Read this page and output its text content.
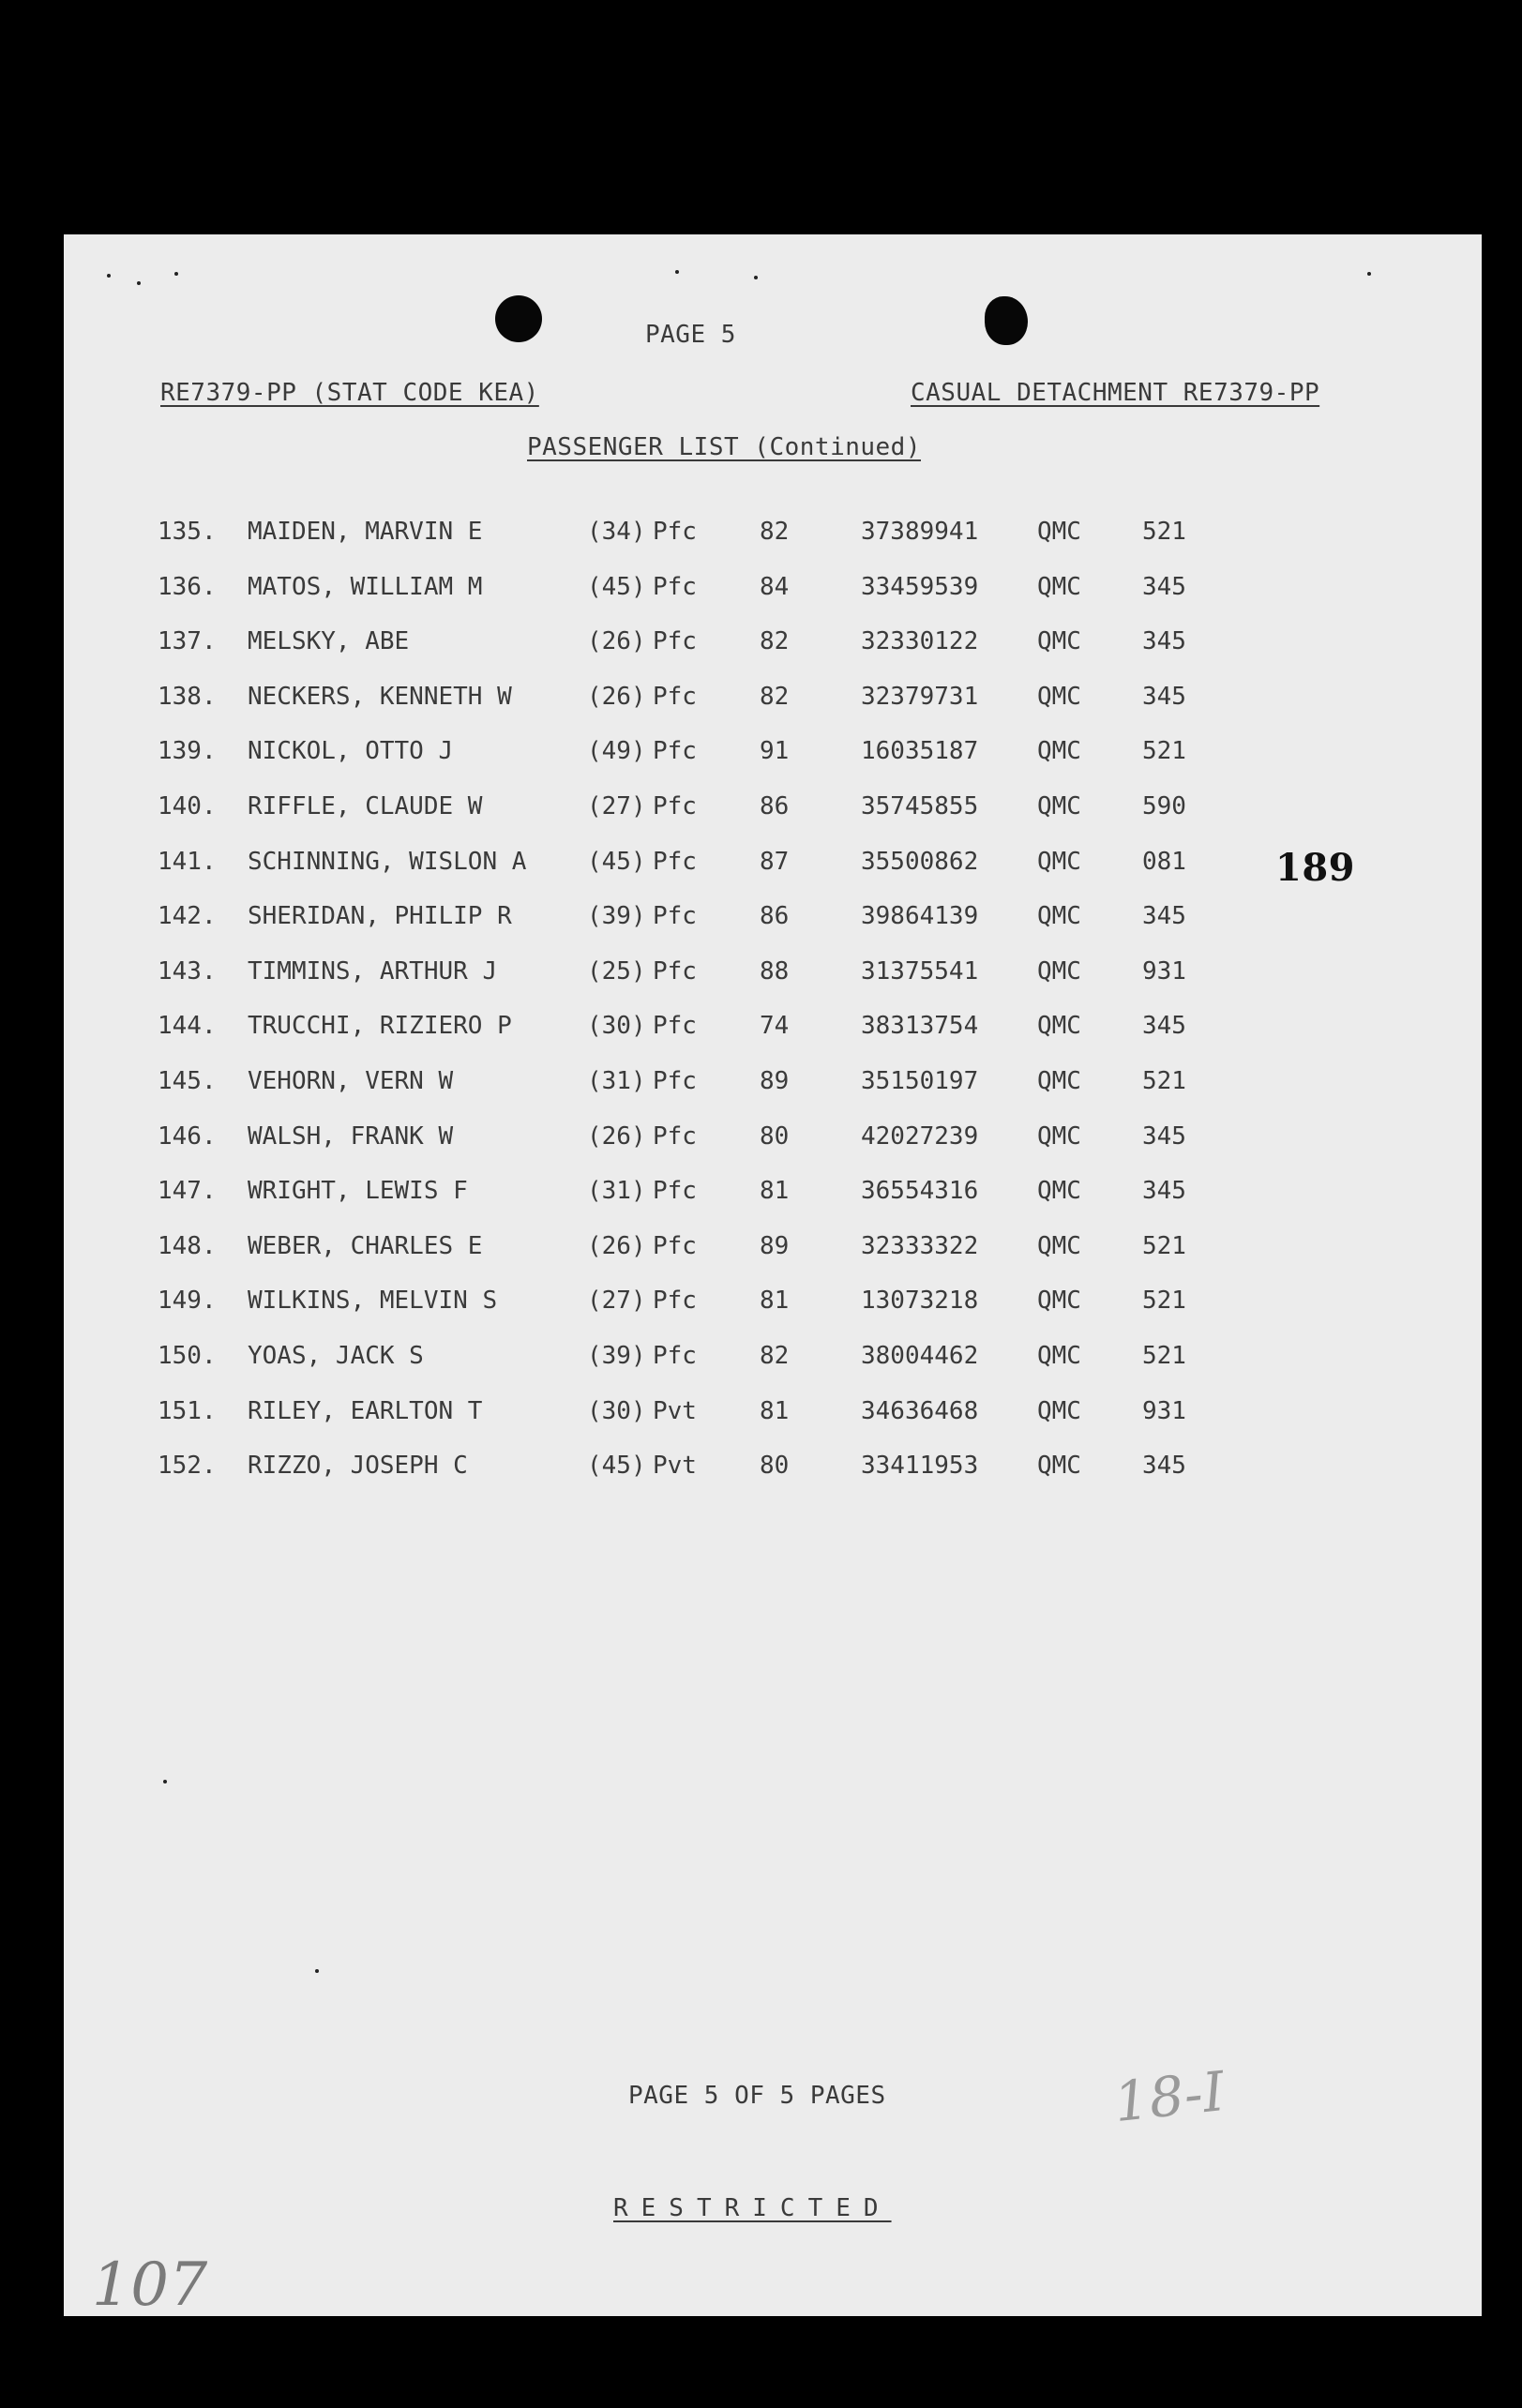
PAGE 5
RE7379-PP (STAT CODE KEA)	CASUAL DETACHMENT RE7379-PP
PASSENGER LIST (Continued)
135. MAIDEN, MARVIN E	(34) Pfc	82	37389941 QMC	521
136. MATOS, WILLIAM M	(45) Pfc	84	33459539 QMC	345
137. MELSKY, ABE	(26) Pfc	82	32330122 QMC	345
138. NECKERS, KENNETH W	(26) Pfc	82	32379731 QMC	345
139. NICKOL, OTTO J	(49) Pfc	91	16035187 QMC	521
140. RIFFLE, CLAUDE W	(27) Pfc	86	35745855 QMC	590
141. SCHINNING, WISLON A (45) Pfc	87	35500862 QMC	081
142. SHERIDAN, PHILIP R	(39) Pfc	86	39864139 QMC	345
143. TIMMINS, ARTHUR J	(25) Pfc	88	31375541 QMC	931
144. TRUCCHI, RIZIERO P	(30) Pfc	74	38313754 QMC	345
145. VEHORN, VERN W	(31) Pfc	89	35150197 QMC	521
146. WALSH, FRANK W	(26) Pfc	80	42027239 QMC	345
147. WRIGHT, LEWIS F	(31) Pfc	81	36554316 QMC	345
148. WEBER, CHARLES E	(26) Pfc	89	32333322 QMC	521
149. WILKINS, MELVIN S	(27) Pfc	81	13073218 QMC	521
150. YOAS, JACK S	(39) Pfc	82	38004462 QMC	521
151. RILEY, EARLTON T	(30) Pvt	81	34636468 QMC	931
152. RIZZO, JOSEPH C	(45) Pvt	80	33411953 QMC	345
189
PAGE 5 OF 5 PAGES
RESTRICTED
18-I
107
